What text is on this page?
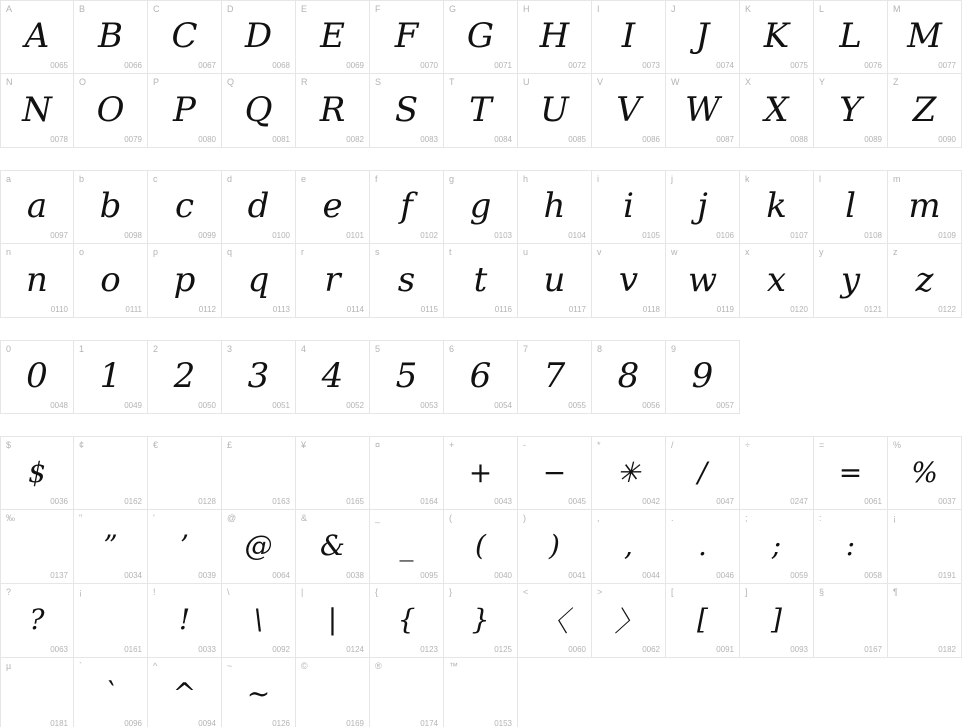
A
A
0065
B
B
0066
C
C
0067
D
D
0068
E
E
0069
F
F
0070
G
G
0071
H
H
0072
I
I
0073
J
J
0074
K
K
0075
L
L
0076
M
M
0077
N
N
0078
O
O
0079
P
P
0080
Q
Q
0081
R
R
0082
S
S
0083
T
T
0084
U
U
0085
V
V
0086
W
W
0087
X
X
0088
Y
Y
0089
Z
Z
0090
a
a
0097
b
b
0098
c
c
0099
d
d
0100
e
e
0101
f
f
0102
g
g
0103
h
h
0104
i
i
0105
j
j
0106
k
k
0107
l
l
0108
m
m
0109
n
n
0110
o
o
0111
p
p
0112
q
q
0113
r
r
0114
s
s
0115
t
t
0116
u
u
0117
v
v
0118
w
w
0119
x
x
0120
y
y
0121
z
z
0122
0
0
0048
1
1
0049
2
2
0050
3
3
0051
4
4
0052
5
5
0053
6
6
0054
7
7
0055
8
8
0056
9
9
0057
$
$
0036
¢
0162
€
0128
£
0163
¥
0165
¤
0164
+
+
0043
-
−
0045
*
✳
0042
/
/
0047
÷
0247
=
=
0061
%
%
0037
‰
0137
"
”
0034
'
’
0039
@
@
0064
&
&
0038
_
_
0095
(
(
0040
)
)
0041
,
,
0044
.
.
0046
;
;
0059
:
:
0058
¡
0191
?
?
0063
¡
0161
!
!
0033
\
\
0092
|
|
0124
{
{
0123
}
}
0125
<
〈
0060
>
〉
0062
[
[
0091
]
]
0093
§
0167
¶
0182
µ
0181
`
`
0096
^
^
0094
~
~
0126
©
0169
®
0174
™
0153
